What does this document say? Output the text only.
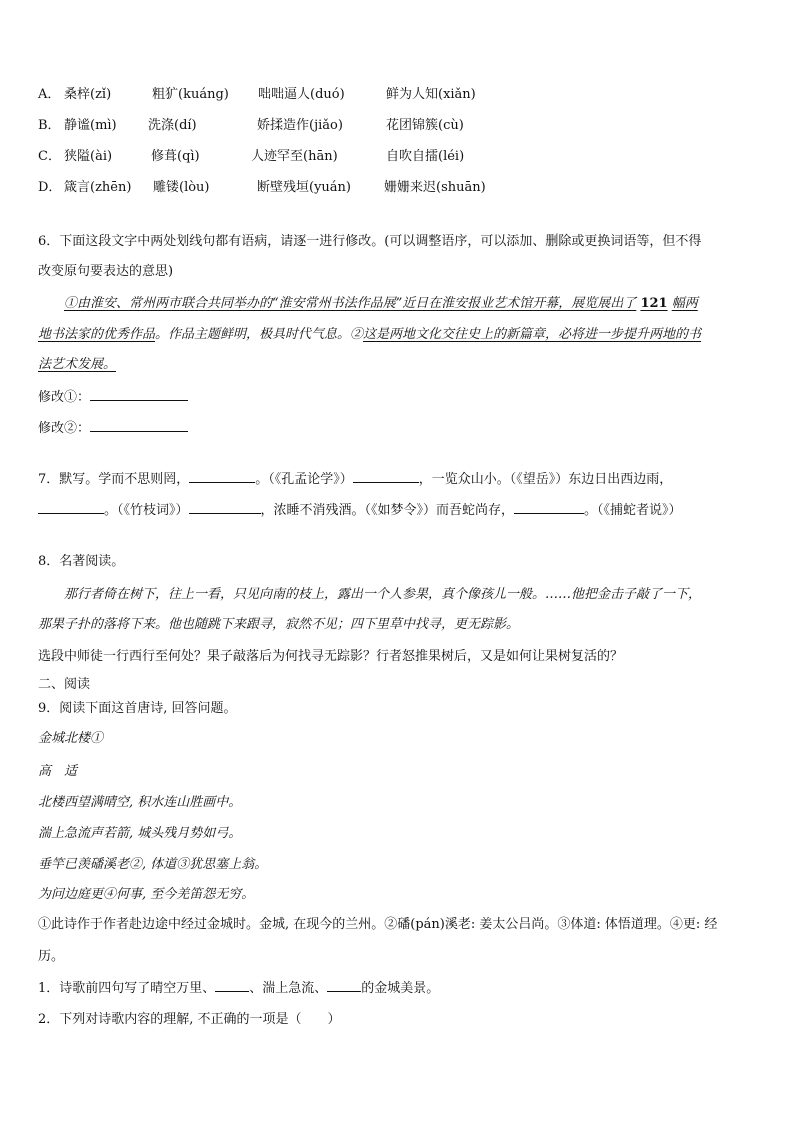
A． 桑梓(zǐ)	粗犷(kuáng) 咄咄逼人(duó)	鲜为人知(xiǎn)
B． 静谧(mì) 洗涤(dí)	娇揉造作(jiǎo)	花团锦簇(cù)
C． 狭隘(ài)	修葺(qì)	人迹罕至(hān)	自吹自擂(léi)
D． 箴言(zhēn) 雕镂(lòu)	断壁残垣(yuán)	姗姗来迟(shuān)
6．下面这段文字中两处划线句都有语病，请逐一进行修改。(可以调整语序，可以添加、删除或更换词语等，但不得
改变原句要表达的意思)
①由淮安、常州两市联合共同举办的“淮安常州书法作品展”近日在淮安报业艺术馆开幕，展览展出了 121 幅两
地书法家的优秀作品。作品主题鲜明，极具时代气息。②这是两地文化交往史上的新篇章，必将进一步提升两地的书
法艺术发展。
修改①：
修改②：
7．默写。学而不思则罔，	。（《孔孟论学》）	，一览众山小。（《望岳》）东边日出西边雨，
。（《竹枝词》）	，浓睡不消残酒。（《如梦令》）而吾蛇尚存，	。（《捕蛇者说》）
8．名著阅读。
那行者倚在树下，往上一看，只见向南的枝上，露出一个人参果，真个像孩儿一般。……他把金击子敲了一下，
那果子扑的落将下来。他也随跳下来跟寻，寂然不见；四下里草中找寻，更无踪影。
选段中师徒一行西行至何处？果子敲落后为何找寻无踪影？行者怒推果树后，又是如何让果树复活的？
二、阅读
9．阅读下面这首唐诗, 回答问题。
金城北楼①
高　适
北楼西望满晴空, 积水连山胜画中。
湍上急流声若箭, 城头残月势如弓。
垂竿已羡磻溪老②, 体道③犹思塞上翁。
为问边庭更④何事, 至今羌笛怨无穷。
①此诗作于作者赴边途中经过金城时。金城, 在现今的兰州。②磻(pán)溪老: 姜太公吕尚。③体道: 体悟道理。④更: 经
历。
1．诗歌前四句写了晴空万里、	、湍上急流、	的金城美景。
2．下列对诗歌内容的理解, 不正确的一项是（　　）
